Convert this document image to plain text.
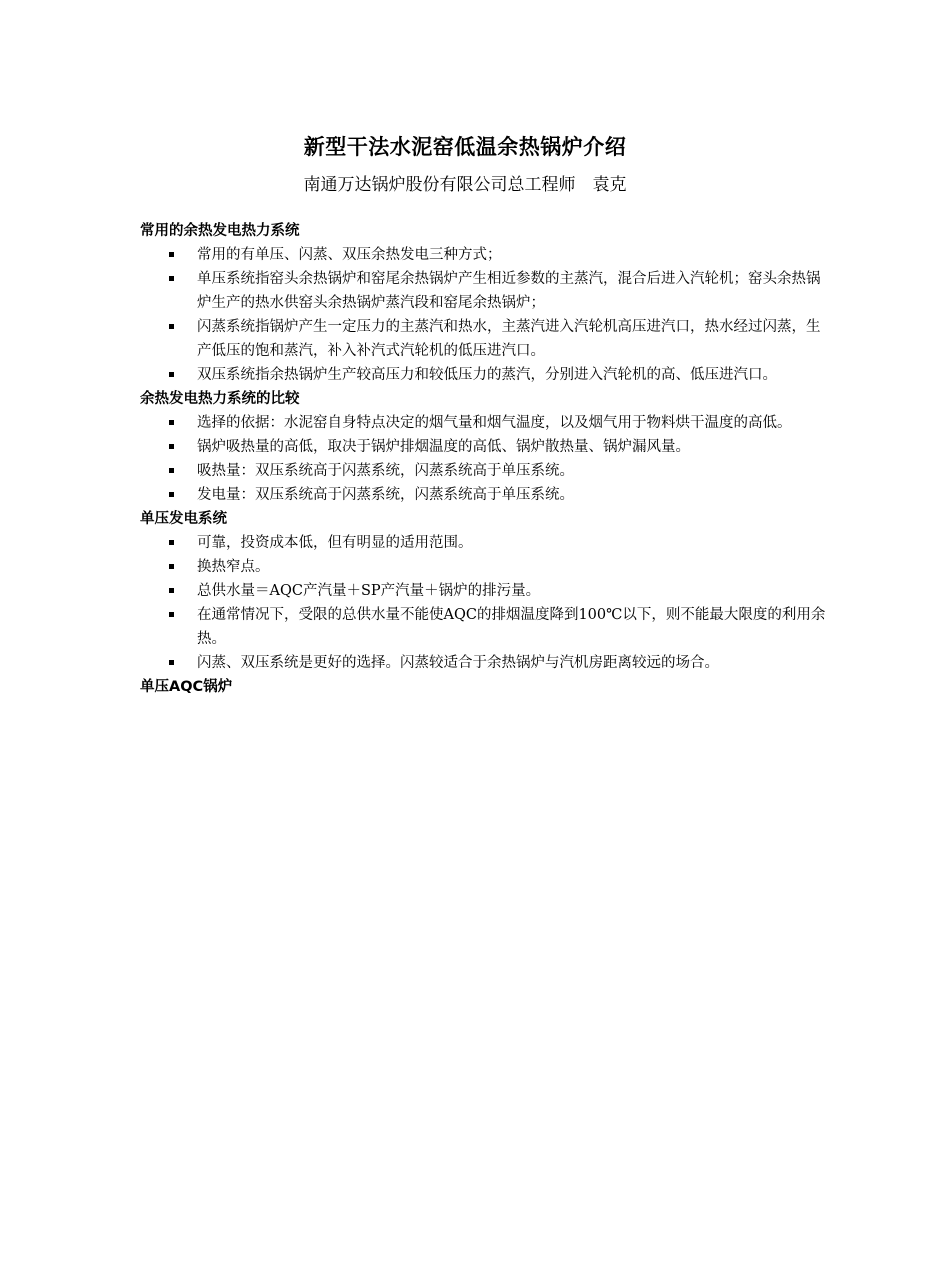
新型干法水泥窑低温余热锅炉介绍
南通万达锅炉股份有限公司总工程师　袁克
常用的余热发电热力系统
常用的有单压、闪蒸、双压余热发电三种方式；
单压系统指窑头余热锅炉和窑尾余热锅炉产生相近参数的主蒸汽，混合后进入汽轮机；窑头余热锅炉生产的热水供窑头余热锅炉蒸汽段和窑尾余热锅炉；
闪蒸系统指锅炉产生一定压力的主蒸汽和热水，主蒸汽进入汽轮机高压进汽口，热水经过闪蒸，生产低压的饱和蒸汽，补入补汽式汽轮机的低压进汽口。
双压系统指余热锅炉生产较高压力和较低压力的蒸汽，分别进入汽轮机的高、低压进汽口。
余热发电热力系统的比较
选择的依据：水泥窑自身特点决定的烟气量和烟气温度，以及烟气用于物料烘干温度的高低。
锅炉吸热量的高低，取决于锅炉排烟温度的高低、锅炉散热量、锅炉漏风量。
吸热量：双压系统高于闪蒸系统，闪蒸系统高于单压系统。
发电量：双压系统高于闪蒸系统，闪蒸系统高于单压系统。
单压发电系统
可靠，投资成本低，但有明显的适用范围。
换热窄点。
总供水量＝AQC产汽量＋SP产汽量＋锅炉的排污量。
在通常情况下，受限的总供水量不能使AQC的排烟温度降到100℃以下，则不能最大限度的利用余热。
闪蒸、双压系统是更好的选择。闪蒸较适合于余热锅炉与汽机房距离较远的场合。
单压AQC锅炉
